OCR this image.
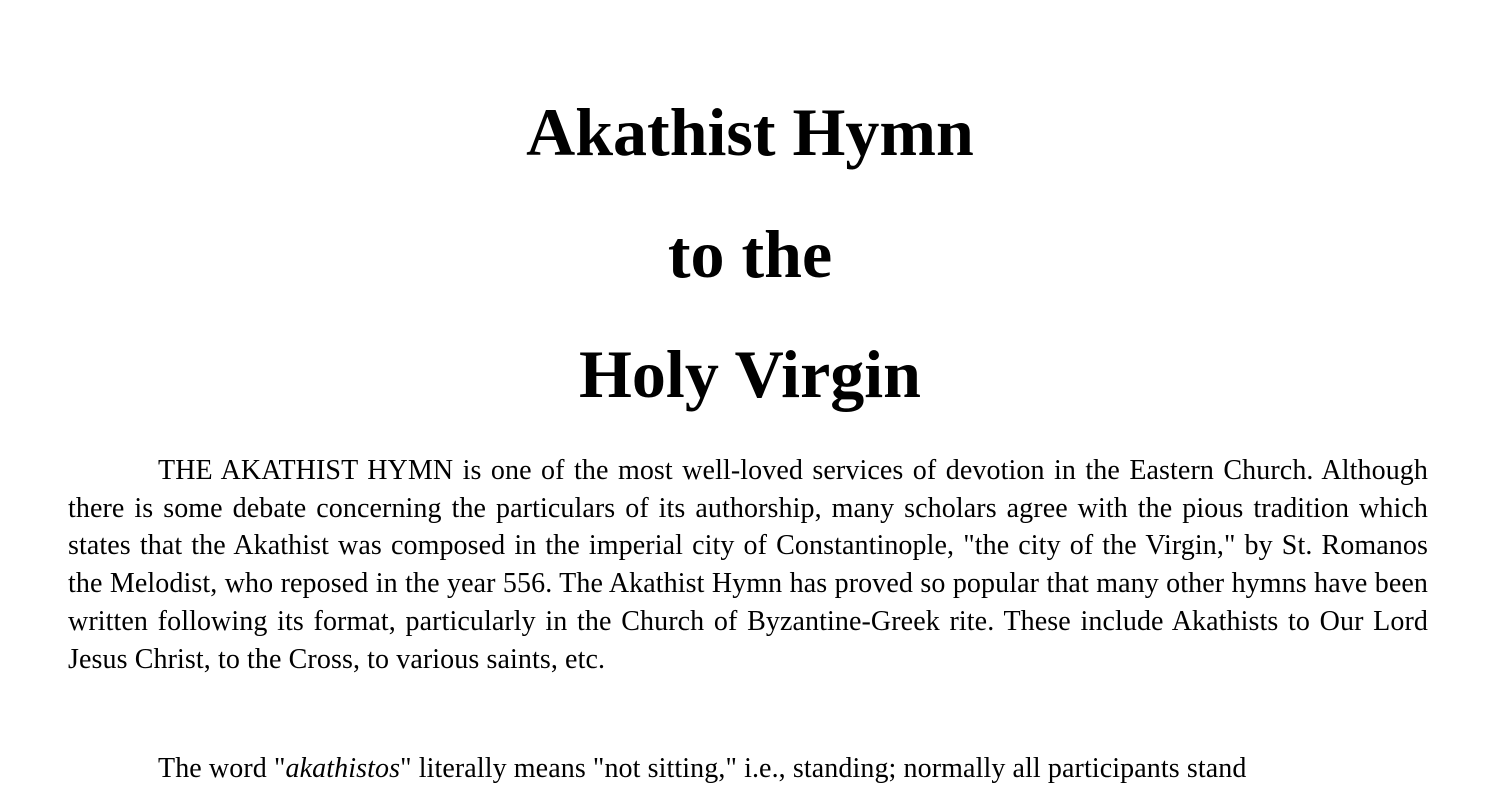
Akathist Hymn
to the
Holy Virgin

THE AKATHIST HYMN is one of the most well-loved services of devotion in the Eastern Church. Although there is some debate concerning the particulars of its authorship, many scholars agree with the pious tradition which states that the Akathist was composed in the imperial city of Constantinople, "the city of the Virgin," by St. Romanos the Melodist, who reposed in the year 556. The Akathist Hymn has proved so popular that many other hymns have been written following its format, particularly in the Church of Byzantine-Greek rite. These include Akathists to Our Lord Jesus Christ, to the Cross, to various saints, etc.

The word "akathistos" literally means "not sitting," i.e., standing; normally all participants stand
